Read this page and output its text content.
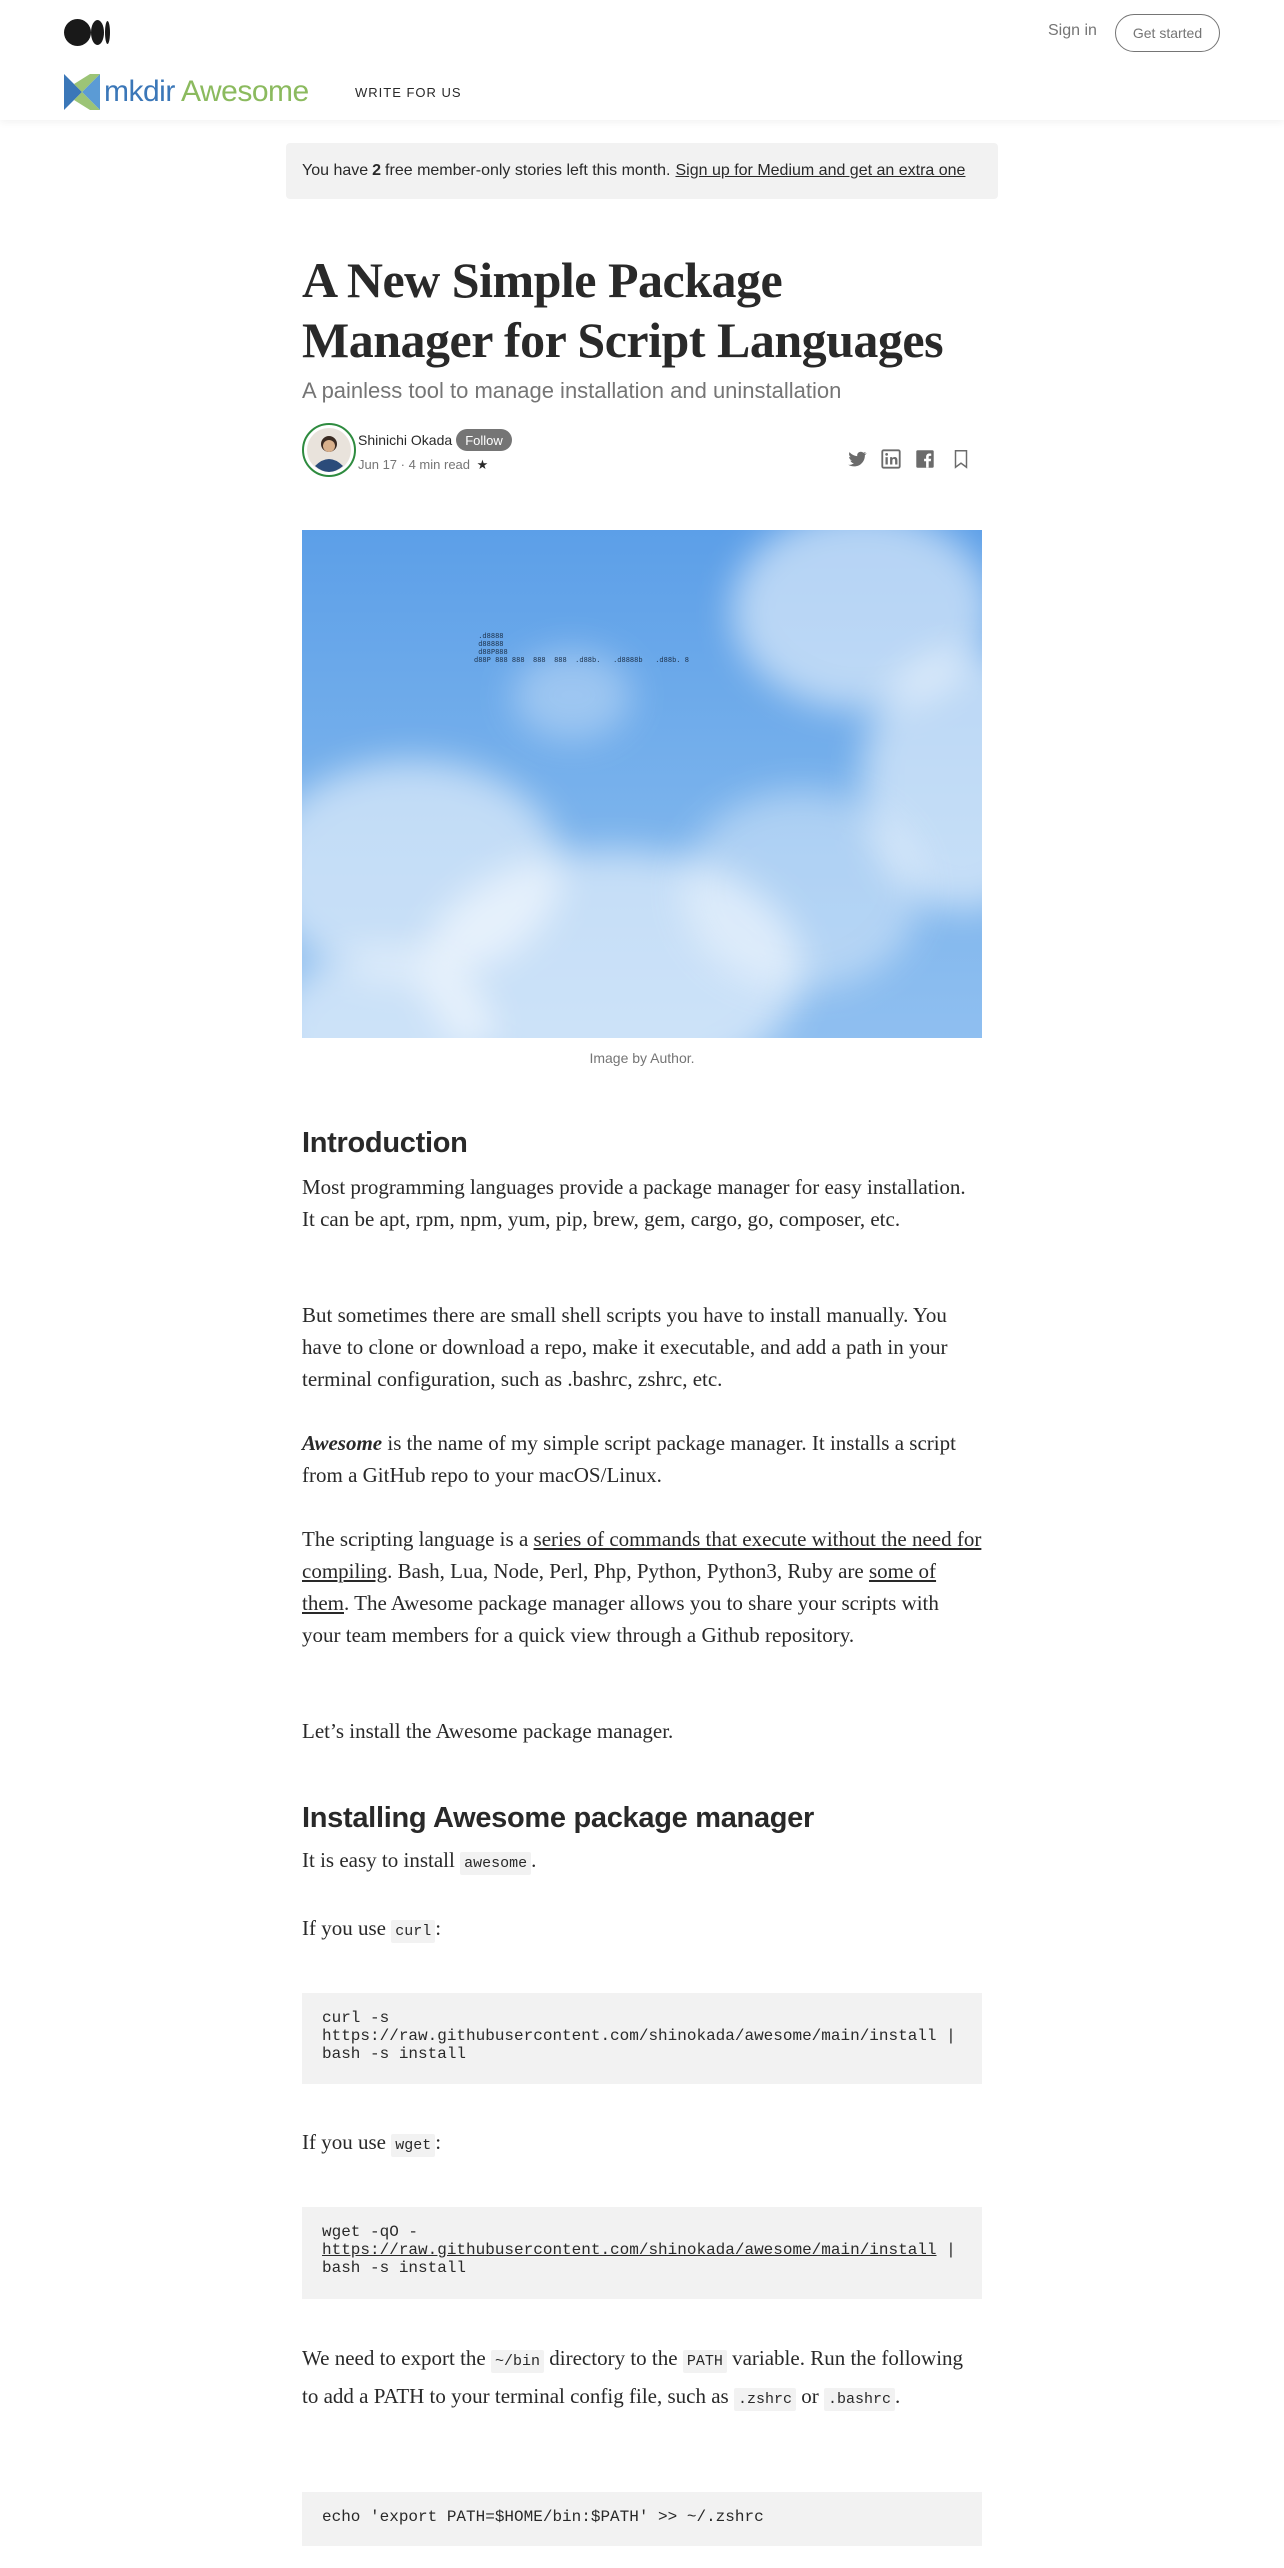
Sign in	Get started
mkdir Awesome	WRITE FOR US
You have 2 free member-only stories left this month. Sign up for Medium and get an extra one
A New Simple Package Manager for Script Languages
A painless tool to manage installation and uninstallation
Shinichi Okada	Follow
Jun 17 · 4 min read ★
.d8888
d88888
d88P888
d88P 888 888  888  888  .d88b.   .d8888b   .d88b. 8
Image by Author.
Introduction

Most programming languages provide a package manager for easy installation. It can be apt, rpm, npm, yum, pip, brew, gem, cargo, go, composer, etc.

But sometimes there are small shell scripts you have to install manually. You have to clone or download a repo, make it executable, and add a path in your terminal configuration, such as .bashrc, zshrc, etc.

Awesome is the name of my simple script package manager. It installs a script from a GitHub repo to your macOS/Linux.

The scripting language is a series of commands that execute without the need for compiling. Bash, Lua, Node, Perl, Php, Python, Python3, Ruby are some of them. The Awesome package manager allows you to share your scripts with your team members for a quick view through a Github repository.

Let’s install the Awesome package manager.

Installing Awesome package manager

It is easy to install awesome .

If you use curl :

curl -s
https://raw.githubusercontent.com/shinokada/awesome/main/install |
bash -s install

If you use wget :

wget -qO -
https://raw.githubusercontent.com/shinokada/awesome/main/install |
bash -s install

We need to export the ~/bin directory to the PATH variable. Run the following to add a PATH to your terminal config file, such as .zshrc or .bashrc .

echo 'export PATH=$HOME/bin:$PATH' >> ~/.zshrc
